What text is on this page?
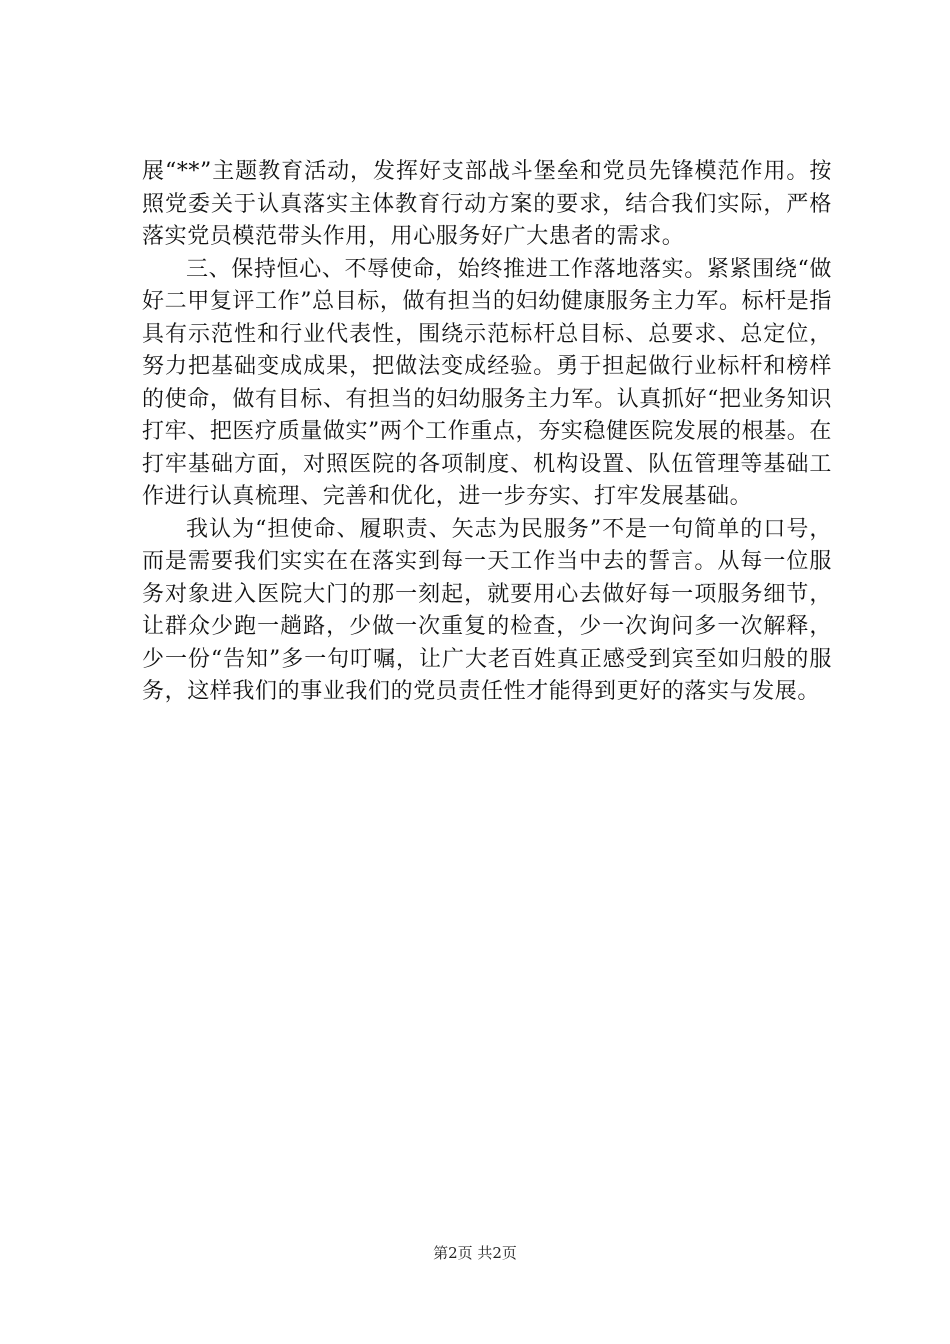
展“**”主题教育活动，发挥好支部战斗堡垒和党员先锋模范作用。按照党委关于认真落实主体教育行动方案的要求，结合我们实际，严格落实党员模范带头作用，用心服务好广大患者的需求。

三、保持恒心、不辱使命，始终推进工作落地落实。紧紧围绕“做好二甲复评工作”总目标，做有担当的妇幼健康服务主力军。标杆是指具有示范性和行业代表性，围绕示范标杆总目标、总要求、总定位，努力把基础变成成果，把做法变成经验。勇于担起做行业标杆和榜样的使命，做有目标、有担当的妇幼服务主力军。认真抓好“把业务知识打牢、把医疗质量做实”两个工作重点，夯实稳健医院发展的根基。在打牢基础方面，对照医院的各项制度、机构设置、队伍管理等基础工作进行认真梳理、完善和优化，进一步夯实、打牢发展基础。

我认为“担使命、履职责、矢志为民服务”不是一句简单的口号，而是需要我们实实在在落实到每一天工作当中去的誓言。从每一位服务对象进入医院大门的那一刻起，就要用心去做好每一项服务细节，让群众少跑一趟路，少做一次重复的检查，少一次询问多一次解释，少一份“告知”多一句叮嘱，让广大老百姓真正感受到宾至如归般的服务，这样我们的事业我们的党员责任性才能得到更好的落实与发展。

第2页 共2页
